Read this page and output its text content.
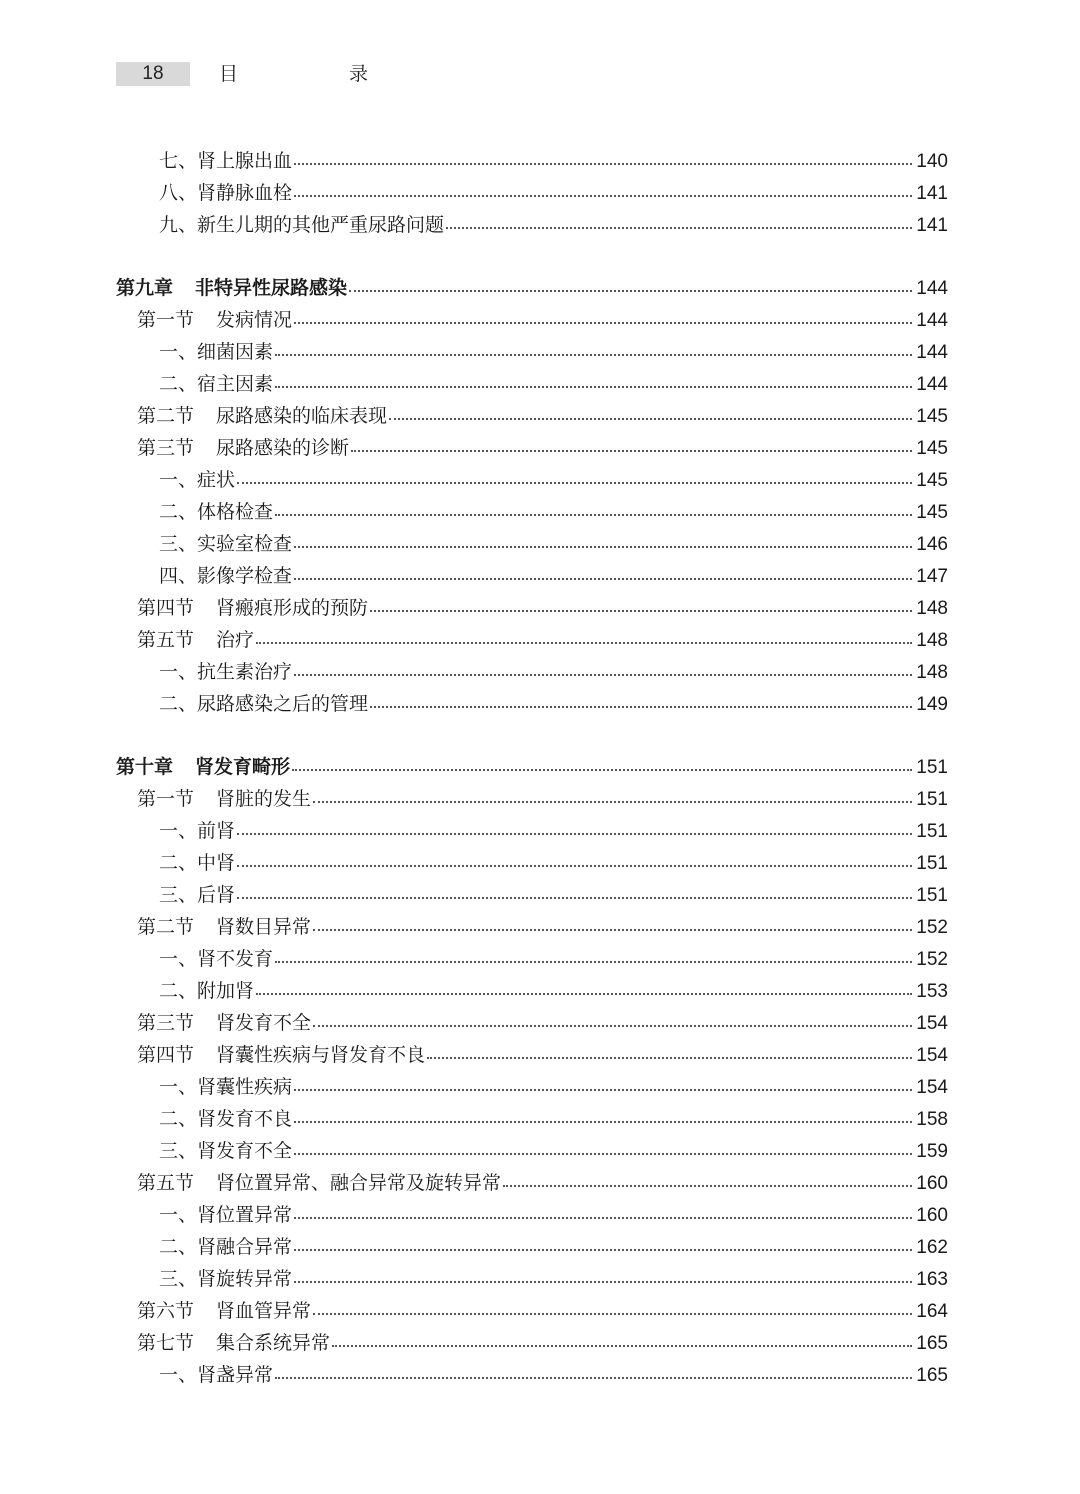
18	目　录
七、 肾上腺出血	140
八、 肾静脉血栓	141
九、 新生儿期的其他严重尿路问题	141
第九章 非特异性尿路感染	144
第一节 发病情况	144
一、 细菌因素	144
二、 宿主因素	144
第二节 尿路感染的临床表现	145
第三节 尿路感染的诊断	145
一、 症状	145
二、 体格检查	145
三、 实验室检查	146
四、 影像学检查	147
第四节 肾瘢痕形成的预防	148
第五节 治疗	148
一、 抗生素治疗	148
二、 尿路感染之后的管理	149
第十章 肾发育畸形	151
第一节 肾脏的发生	151
一、 前肾	151
二、 中肾	151
三、 后肾	151
第二节 肾数目异常	152
一、 肾不发育	152
二、 附加肾	153
第三节 肾发育不全	154
第四节 肾囊性疾病与肾发育不良	154
一、 肾囊性疾病	154
二、 肾发育不良	158
三、 肾发育不全	159
第五节 肾位置异常、融合异常及旋转异常	160
一、 肾位置异常	160
二、 肾融合异常	162
三、 肾旋转异常	163
第六节 肾血管异常	164
第七节 集合系统异常	165
一、 肾盏异常	165
